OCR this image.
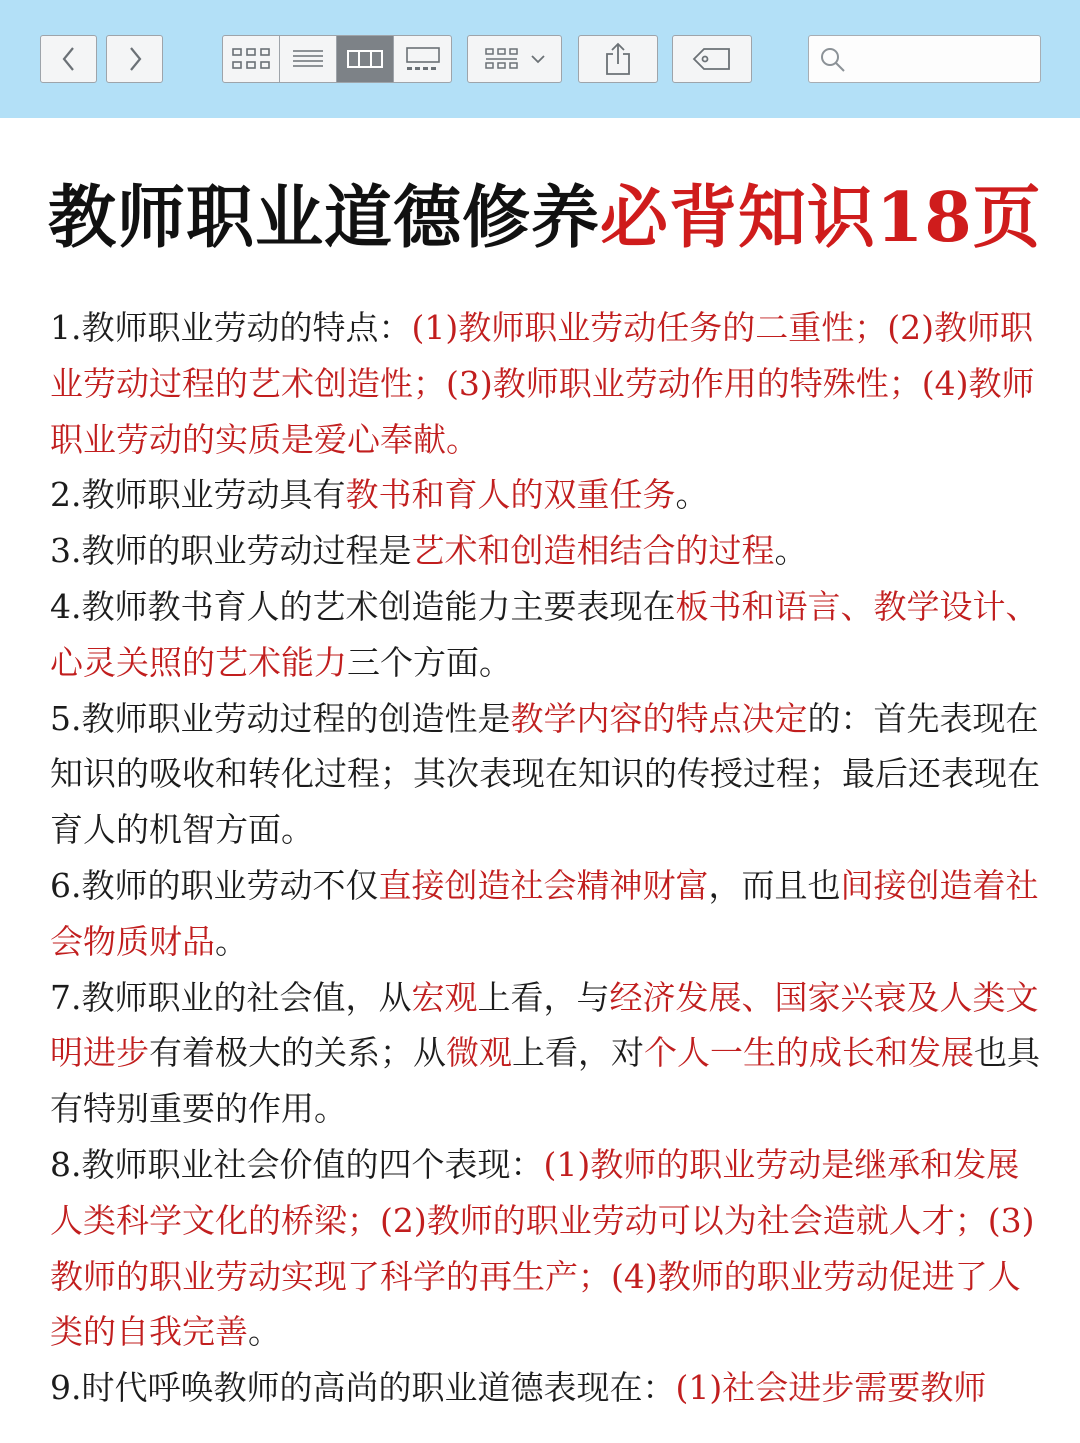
教师职业道德修养必背知识18页

1.教师职业劳动的特点：(1)教师职业劳动任务的二重性；(2)教师职业劳动过程的艺术创造性；(3)教师职业劳动作用的特殊性；(4)教师职业劳动的实质是爱心奉献。

2.教师职业劳动具有教书和育人的双重任务。

3.教师的职业劳动过程是艺术和创造相结合的过程。

4.教师教书育人的艺术创造能力主要表现在板书和语言、教学设计、心灵关照的艺术能力三个方面。

5.教师职业劳动过程的创造性是教学内容的特点决定的：首先表现在知识的吸收和转化过程；其次表现在知识的传授过程；最后还表现在育人的机智方面。

6.教师的职业劳动不仅直接创造社会精神财富，而且也间接创造着社会物质财品。

7.教师职业的社会值，从宏观上看，与经济发展、国家兴衰及人类文明进步有着极大的关系；从微观上看，对个人一生的成长和发展也具有特别重要的作用。

8.教师职业社会价值的四个表现：(1)教师的职业劳动是继承和发展人类科学文化的桥梁；(2)教师的职业劳动可以为社会造就人才；(3)教师的职业劳动实现了科学的再生产；(4)教师的职业劳动促进了人类的自我完善。

9.时代呼唤教师的高尚的职业道德表现在：(1)社会进步需要教师
